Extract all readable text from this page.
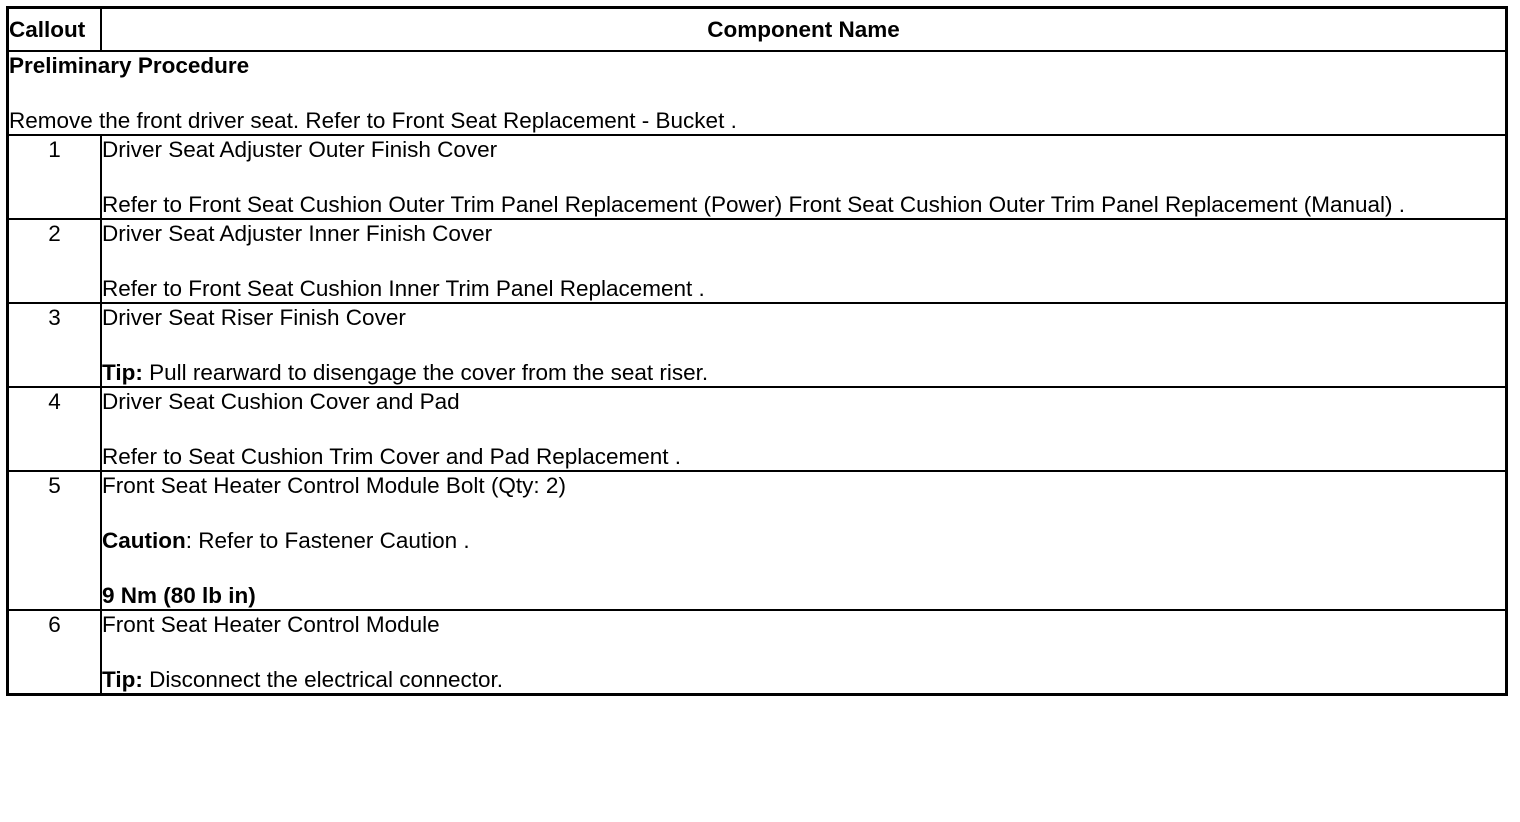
Callout	Component Name

Preliminary Procedure
Remove the front driver seat. Refer to Front Seat Replacement - Bucket .	

1	Driver Seat Adjuster Outer Finish Cover
Refer to Front Seat Cushion Outer Trim Panel Replacement (Power) Front Seat Cushion Outer Trim Panel Replacement (Manual) .

2	Driver Seat Adjuster Inner Finish Cover
Refer to Front Seat Cushion Inner Trim Panel Replacement .

3	Driver Seat Riser Finish Cover
Tip: Pull rearward to disengage the cover from the seat riser.

4	Driver Seat Cushion Cover and Pad
Refer to Seat Cushion Trim Cover and Pad Replacement .

5	Front Seat Heater Control Module Bolt (Qty: 2)
Caution: Refer to Fastener Caution .
9 Nm (80 lb in)

6	Front Seat Heater Control Module
Tip: Disconnect the electrical connector.
